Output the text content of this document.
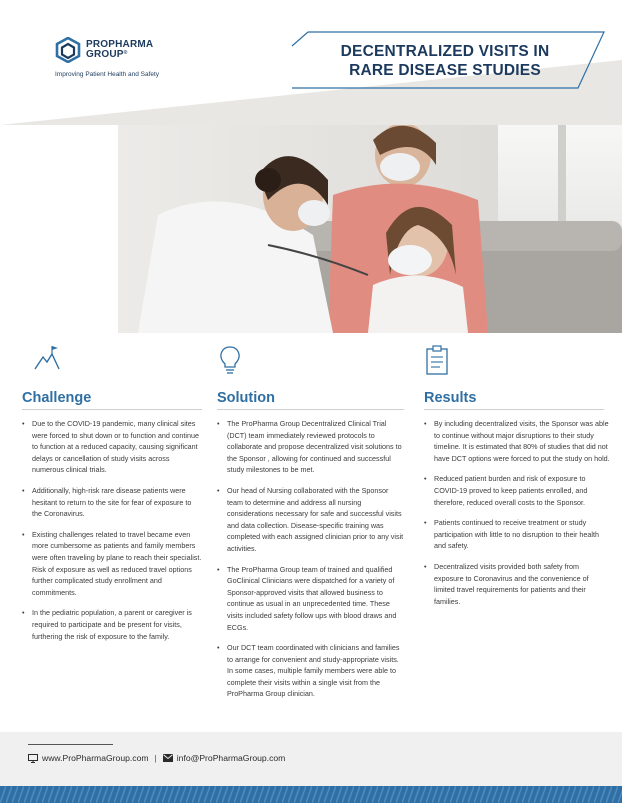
PROPHARMA
GROUP ®
Improving Patient Health and Safety
DECENTRALIZED VISITS IN
RARE DISEASE STUDIES
Challenge
• Due to the COVID-19 pandemic, many clinical sites were forced to shut down or to function and continue to function at a reduced capacity, causing significant delays or cancellation of study visits across numerous clinical trials.
• Additionally, high-risk rare disease patients were hesitant to return to the site for fear of exposure to the Coronavirus.
• Existing challenges related to travel became even more cumbersome as patients and family members were often traveling by plane to reach their specialist. Risk of exposure as well as reduced travel options further complicated study enrollment and commitments.
• In the pediatric population, a parent or caregiver is required to participate and be present for visits, furthering the risk of exposure to the family.
Solution
• The ProPharma Group Decentralized Clinical Trial (DCT) team immediately reviewed protocols to collaborate and propose decentralized visit solutions to the Sponsor , allowing for continued and successful study milestones to be met.
• Our head of Nursing collaborated with the Sponsor team to determine and address all nursing considerations necessary for safe and successful visits and data collection. Disease-specific training was completed with each assigned clinician prior to any visit activities.
• The ProPharma Group team of trained and qualified GoClinical Clinicians were dispatched for a variety of Sponsor-approved visits that allowed business to continue as usual in an unprecedented time. These visits included safety follow ups with blood draws and ECGs.
• Our DCT team coordinated with clinicians and families to arrange for convenient and study-appropriate visits. In some cases, multiple family members were able to complete their visits within a single visit from the ProPharma Group clinician.
Results
• By including decentralized visits, the Sponsor was able to continue without major disruptions to their study timeline. It is estimated that 80% of studies that did not have DCT options were forced to put the study on hold.
• Reduced patient burden and risk of exposure to COVID-19 proved to keep patients enrolled, and therefore, reduced overall costs to the Sponsor.
• Patients continued to receive treatment or study participation with little to no disruption to their health and safety.
• Decentralized visits provided both safety from exposure to Coronavirus and the convenience of limited travel requirements for patients and their families.
www.ProPharmaGroup.com | info@ProPharmaGroup.com
